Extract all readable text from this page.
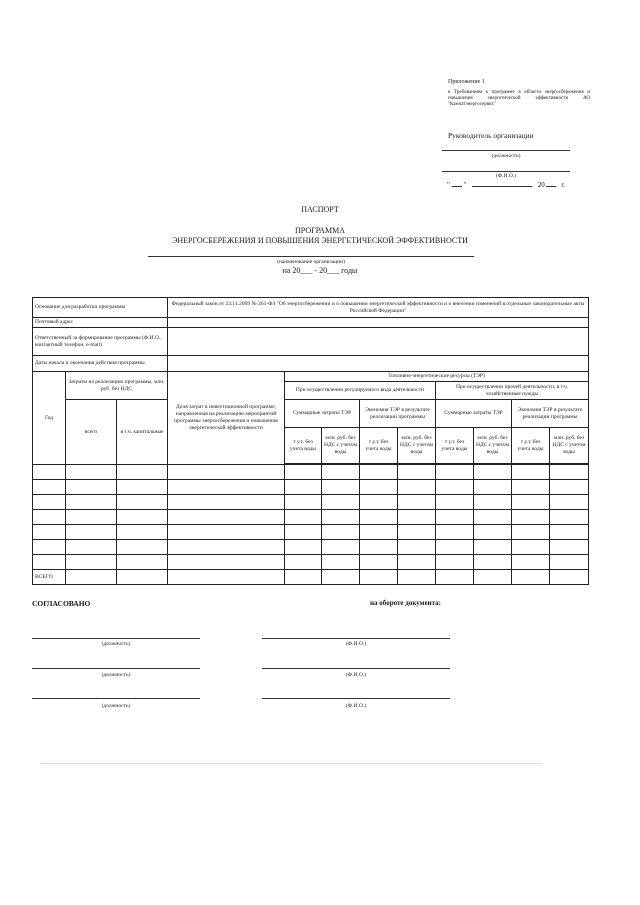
Приложение 1
к Требованиям к программе в области энергосбережения и повышения энергетической эффективности АО "Камчатэнергосервис"
Руководитель организации
(должность)
(Ф.И.О.)
" "	20 г.
ПАСПОРТ
ПРОГРАММА
ЭНЕРГОСБЕРЕЖЕНИЯ И ПОВЫШЕНИЯ ЭНЕРГЕТИЧЕСКОЙ ЭФФЕКТИВНОСТИ
(наименование организации)
на 20___ - 20___ годы
Основание для разработки программы			Федеральный закон от 23.11.2009 № 261-ФЗ "Об энергосбережении и о повышении энергетической эффективности и о внесении изменений в отдельные законодательные акты Российской Федерации"								
Почтовый адрес											
Ответственный за формирование программы (Ф.И.О., контактный телефон, e-mail)											
Даты начала и окончания действия программы											
Год	Затраты на реализацию программы, млн. руб. без НДС		Доля затрат в инвестиционной программе, направленная на реализацию мероприятий программы энергосбережения и повышения энергетической эффективности	Топливно-энергетические ресурсы (ТЭР)							
				При осуществлении регулируемого вида деятельности				При осуществлении прочей деятельности, в т.ч. хозяйственные нужды			
	всего	в т.ч. капитальные		Суммарные затраты ТЭР		Экономия ТЭР в результате реализации программы		Суммарные затраты ТЭР		Экономия ТЭР в результате реализации программы	
				т у.т. без учета воды	млн. руб. без НДС с учетом воды	т у.т. без учета воды	млн. руб. без НДС с учетом воды	т у.т. без учета воды	млн. руб. без НДС с учетом воды	т у.т. без учета воды	млн. руб. без НДС с учетом воды

ВСЕГО											
СОГЛАСОВАНО	на обороте документа:
(должность)	(Ф.И.О.)
(должность)	(Ф.И.О.)
(должность)	(Ф.И.О.)
